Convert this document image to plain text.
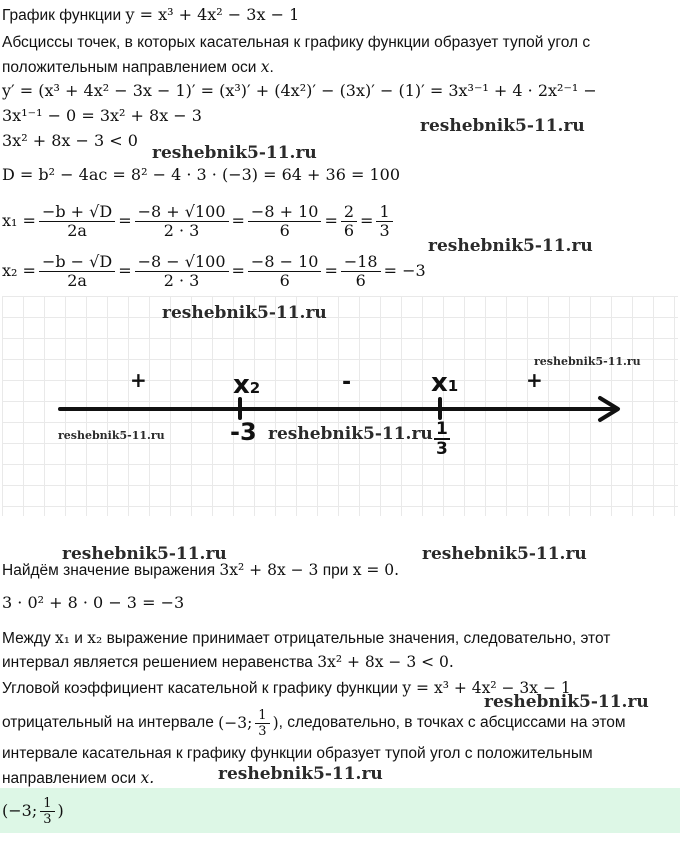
График функции y = x³ + 4x² − 3x − 1
Абсциссы точек, в которых касательная к графику функции образует тупой угол с
положительным направлением оси x.
y′ = (x³ + 4x² − 3x − 1)′ = (x³)′ + (4x²)′ − (3x)′ − (1)′ = 3x³⁻¹ + 4 · 2x²⁻¹ −
3x¹⁻¹ − 0 = 3x² + 8x − 3
3x² + 8x − 3 < 0
D = b² − 4ac = 8² − 4 · 3 · (−3) = 64 + 36 = 100
$x_1 = \frac{-b + √D}{2a} = \frac{-8 + √100}{2 \cdot 3} = \frac{-8 + 10}{6} = \frac{2}{6} = \frac{1}{3}$
$x_2 = \frac{-b - √D}{2a} = \frac{-8 - √100}{2 \cdot 3} = \frac{-8 - 10}{6} = \frac{-18}{6} = -3$
+	-	+
x2
-3
x1
$\frac{1}{3}$
Найдём значение выражения 3x² + 8x − 3 при x = 0.
3 · 0² + 8 · 0 − 3 = −3
Между x₁ и x₂ выражение принимает отрицательные значения, следовательно, этот
интервал является решением неравенства 3x² + 8x − 3 < 0.
Угловой коэффициент касательной к графику функции y = x³ + 4x² − 3x − 1
отрицательный на интервале
(−3; $\frac{1}{3}$ ) , следовательно, в точках с абсциссами на этом
интервале касательная к графику функции образует тупой угол с положительным
направлением оси x.
(−3; $\frac{1}{3}$ )
reshebnik5-11.ru
reshebnik5-11.ru
reshebnik5-11.ru
reshebnik5-11.ru
reshebnik5-11.ru
reshebnik5-11.ru	reshebnik5-11.ru
reshebnik5-11.ru	reshebnik5-11.ru
reshebnik5-11.ru
reshebnik5-11.ru
